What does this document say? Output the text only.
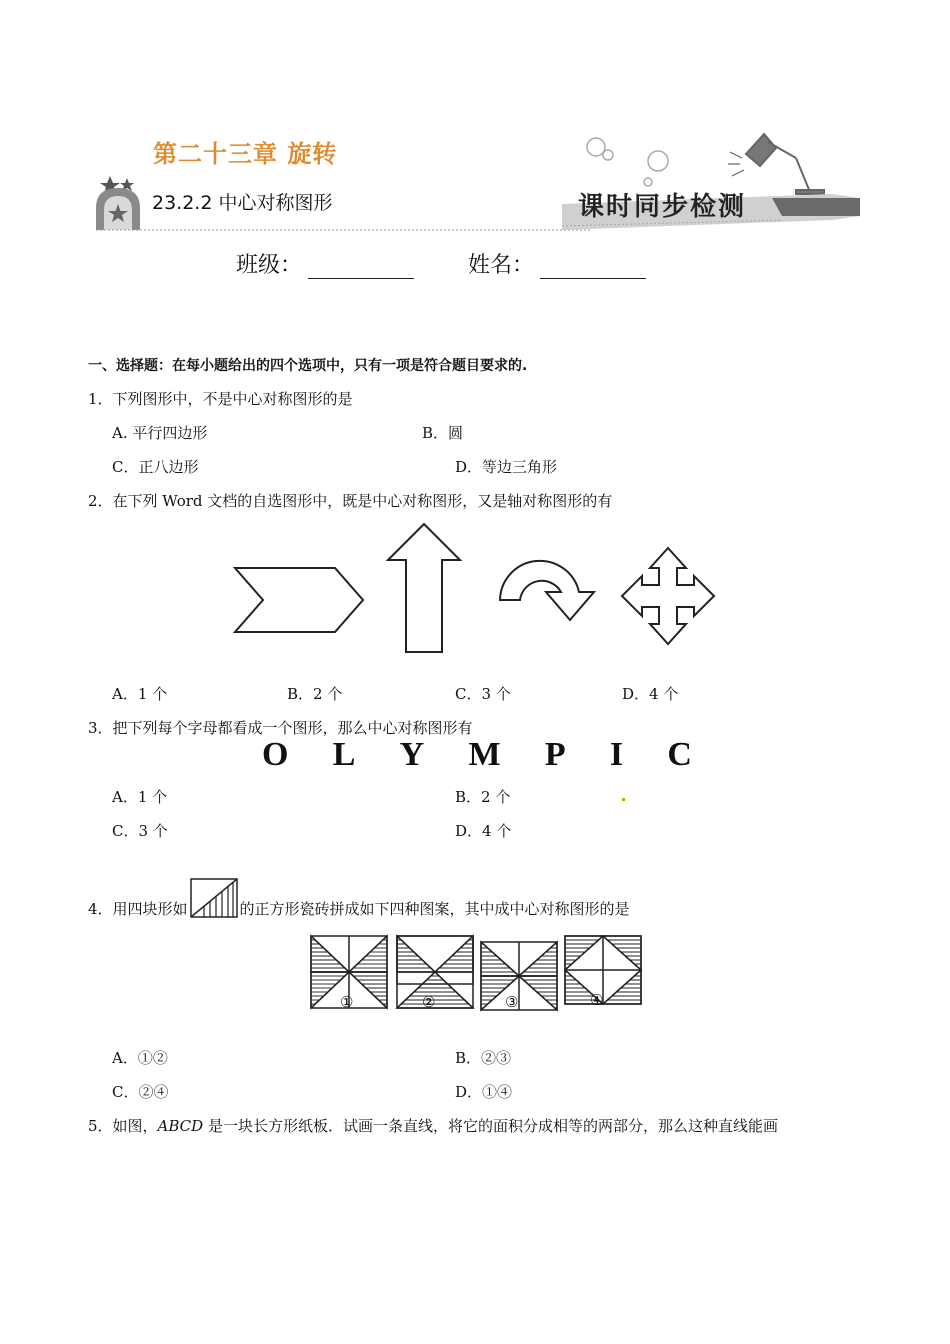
第二十三章 旋转
23.2.2 中心对称图形	课时同步检测
班级：	姓名：
一、选择题：在每小题给出的四个选项中，只有一项是符合题目要求的.
1．下列图形中，不是中心对称图形的是
A. 平行四边形	B．圆
C．正八边形	D．等边三角形
2．在下列 Word 文档的自选图形中，既是中心对称图形，又是轴对称图形的有
A．1 个	B．2 个	C．3 个	D．4 个
3．把下列每个字母都看成一个图形，那么中心对称图形有
O L Y M P I C
A．1 个	B．2 个
C．3 个	D．4 个
4．用四块形如	的正方形瓷砖拼成如下四种图案，其中成中心对称图形的是
①	②	③	④
A．①②	B．②③
C．②④	D．①④
5．如图，ABCD 是一块长方形纸板．试画一条直线，将它的面积分成相等的两部分，那么这种直线能画
